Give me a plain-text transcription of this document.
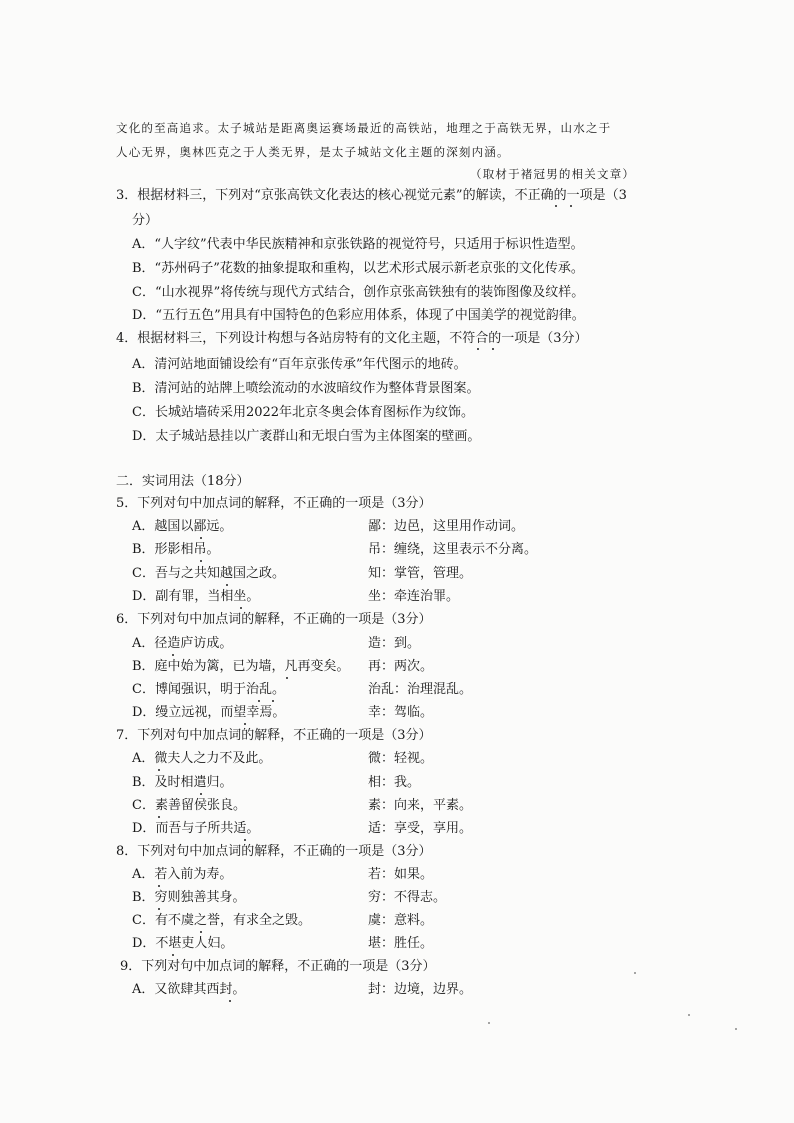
文化的至高追求。太子城站是距离奥运赛场最近的高铁站，地理之于高铁无界，山水之于
人心无界，奥林匹克之于人类无界，是太子城站文化主题的深刻内涵。
（取材于褚冠男的相关文章）
3．根据材料三，下列对“京张高铁文化表达的核心视觉元素”的解读，不正确的一项是（3
分）
A．“人字纹”代表中华民族精神和京张铁路的视觉符号，只适用于标识性造型。
B．“苏州码子”花数的抽象提取和重构，以艺术形式展示新老京张的文化传承。
C．“山水视界”将传统与现代方式结合，创作京张高铁独有的装饰图像及纹样。
D．“五行五色”用具有中国特色的色彩应用体系，体现了中国美学的视觉韵律。
4．根据材料三，下列设计构想与各站房特有的文化主题，不符合的一项是（3分）
A．清河站地面铺设绘有“百年京张传承”年代图示的地砖。
B．清河站的站牌上喷绘流动的水波暗纹作为整体背景图案。
C．长城站墙砖采用2022年北京冬奥会体育图标作为纹饰。
D．太子城站悬挂以广袤群山和无垠白雪为主体图案的壁画。
二．实词用法（18分）
5．下列对句中加点词的解释，不正确的一项是（3分）
A．越国以鄙远。	鄙：边邑，这里用作动词。
B．形影相吊。	吊：缠绕，这里表示不分离。
C．吾与之共知越国之政。	知：掌管，管理。
D．副有罪，当相坐。	坐：牵连治罪。
6．下列对句中加点词的解释，不正确的一项是（3分）
A．径造庐访成。	造：到。
B．庭中始为篱，已为墙，凡再变矣。 再：两次。
C．博闻强识，明于治乱。	治乱：治理混乱。
D．缦立远视，而望幸焉。	幸：驾临。
7．下列对句中加点词的解释，不正确的一项是（3分）
A．微夫人之力不及此。	微：轻视。
B．及时相遣归。	相：我。
C．素善留侯张良。	素：向来，平素。
D．而吾与子所共适。	适：享受，享用。
8．下列对句中加点词的解释，不正确的一项是（3分）
A．若入前为寿。	若：如果。
B．穷则独善其身。	穷：不得志。
C．有不虞之誉，有求全之毁。	虞：意料。
D．不堪吏人妇。	堪：胜任。
9．下列对句中加点词的解释，不正确的一项是（3分）
A．又欲肆其西封。	封：边境，边界。
